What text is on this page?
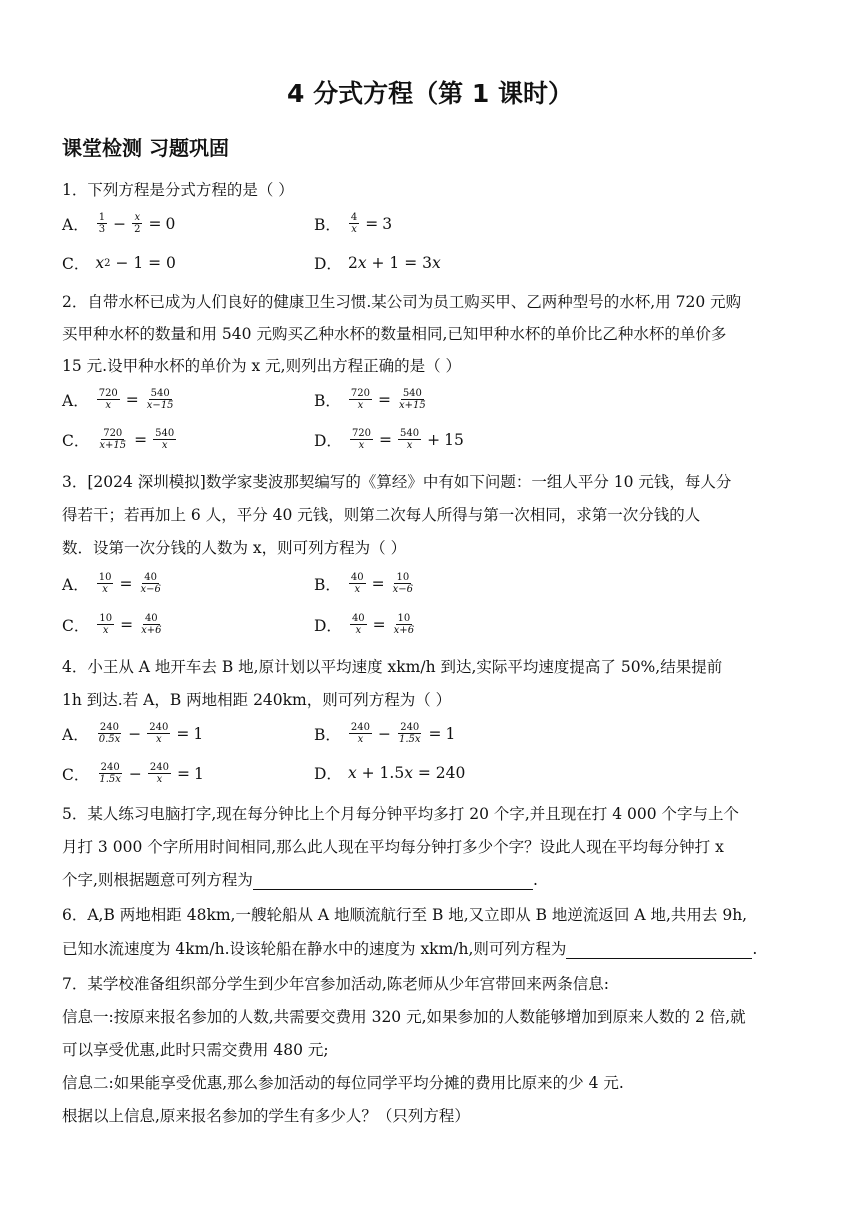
4 分式方程（第 1 课时）
课堂检测 习题巩固
1．下列方程是分式方程的是（ ）
A． $\frac{1}{3} - \frac{x}{2} = 0$	B． $\frac{4}{x} = 3$
C． x 2
− 1 = 0	D． 2 x
+ 1 = 3 x
2．自带水杯已成为人们良好的健康卫生习惯.某公司为员工购买甲、乙两种型号的水杯,用 720 元购
买甲种水杯的数量和用 540 元购买乙种水杯的数量相同,已知甲种水杯的单价比乙种水杯的单价多
15 元.设甲种水杯的单价为 x 元,则列出方程正确的是（ ）
A． $\frac{720}{x} = \frac{540}{x-15}$	B． $\frac{720}{x} = \frac{540}{x+15}$
C． $\frac{720}{x+15} = \frac{540}{x}$	D． $\frac{720}{x} = \frac{540}{x} + 15$
3．[2024 深圳模拟]数学家斐波那契编写的《算经》中有如下问题：一组人平分 10 元钱，每人分
得若干；若再加上 6 人，平分 40 元钱，则第二次每人所得与第一次相同，求第一次分钱的人
数．设第一次分钱的人数为 x，则可列方程为（ ）
A． $\frac{10}{x} = \frac{40}{x-6}$	B． $\frac{40}{x} = \frac{10}{x-6}$
C． $\frac{10}{x} = \frac{40}{x+6}$	D． $\frac{40}{x} = \frac{10}{x+6}$
4．小王从 A 地开车去 B 地,原计划以平均速度 xkm/h 到达,实际平均速度提高了 50%,结果提前
1h 到达.若 A，B 两地相距 240km，则可列方程为（ ）
A． $\frac{240}{0.5x} - \frac{240}{x} = 1$	B． $\frac{240}{x} - \frac{240}{1.5x} = 1$
C． $\frac{240}{1.5x} - \frac{240}{x} = 1$	D． x
+ 1.5 x
= 240
5．某人练习电脑打字,现在每分钟比上个月每分钟平均多打 20 个字,并且现在打 4 000 个字与上个
月打 3 000 个字所用时间相同,那么此人现在平均每分钟打多少个字？设此人现在平均每分钟打 x
个字,则根据题意可列方程为	.
6．A,B 两地相距 48km,一艘轮船从 A 地顺流航行至 B 地,又立即从 B 地逆流返回 A 地,共用去 9h,
已知水流速度为 4km/h.设该轮船在静水中的速度为 xkm/h,则可列方程为	.
7．某学校准备组织部分学生到少年宫参加活动,陈老师从少年宫带回来两条信息:
信息一:按原来报名参加的人数,共需要交费用 320 元,如果参加的人数能够增加到原来人数的 2 倍,就
可以享受优惠,此时只需交费用 480 元;
信息二:如果能享受优惠,那么参加活动的每位同学平均分摊的费用比原来的少 4 元.
根据以上信息,原来报名参加的学生有多少人？（只列方程）
